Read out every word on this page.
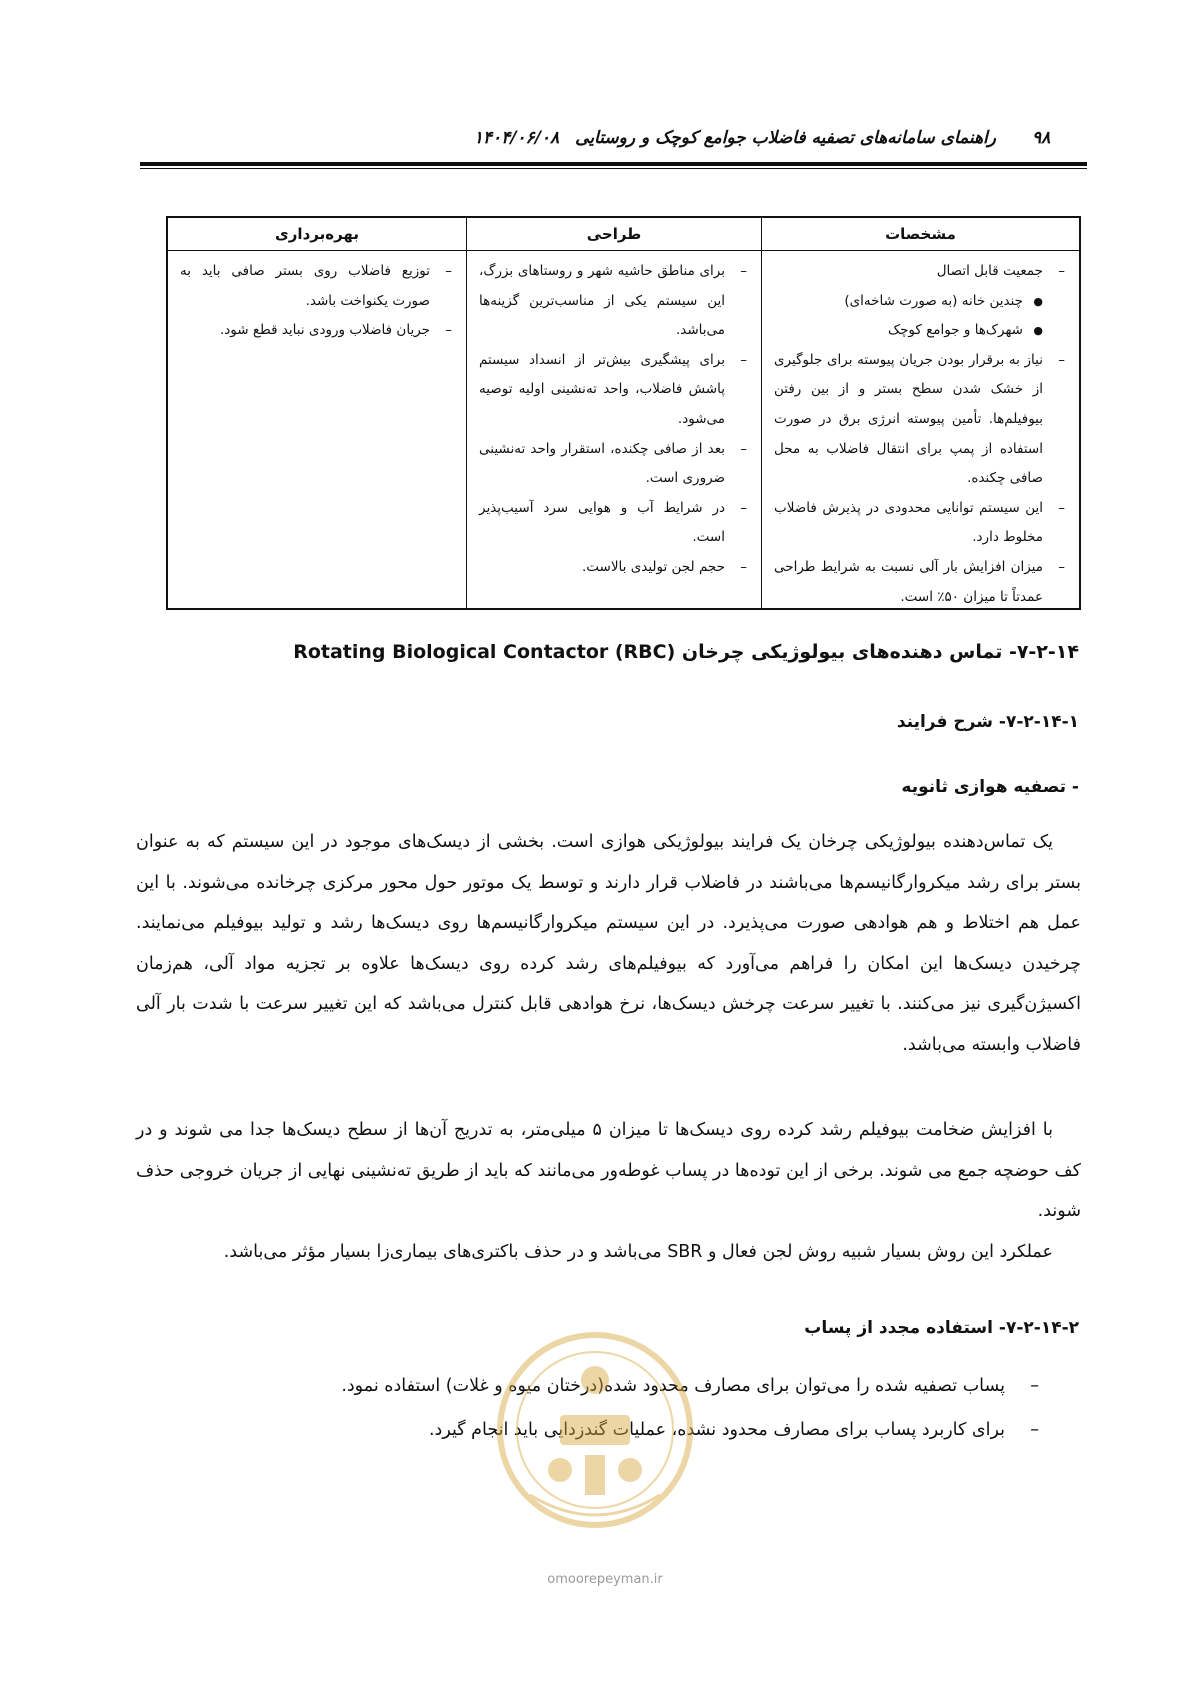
راهنمای سامانه‌های تصفیه فاضلاب جوامع کوچک و روستایی۱۴۰۴/۰۶/۰۸	۹۸
مشخصات
–
جمعیت قابل اتصال
●
چندین خانه (به صورت شاخه‌ای)
●
شهرک‌ها و جوامع کوچک
–
نیاز به برقرار بودن جریان پیوسته برای جلوگیری از خشک شدن سطح بستر و از بین رفتن بیوفیلم‌ها. تأمین پیوسته انرژی برق در صورت استفاده از پمپ برای انتقال فاضلاب به محل صافی چکنده.
–
این سیستم توانایی محدودی در پذیرش فاضلاب مخلوط دارد.
–
میزان افزایش بار آلی نسبت به شرایط طراحی عمدتاً تا میزان ۵۰٪ است.
طراحی
–
برای مناطق حاشیه شهر و روستاهای بزرگ، این سیستم یکی از مناسب‌ترین گزینه‌ها می‌باشد.
–
برای پیشگیری بیش‌تر از انسداد سیستم پاشش فاضلاب، واحد ته‌نشینی اولیه توصیه می‌شود.
–
بعد از صافی چکنده، استقرار واحد ته‌نشینی ضروری است.
–
در شرایط آب و هوایی سرد آسیب‌پذیر است.
–
حجم لجن تولیدی بالاست.
بهره‌برداری
–
توزیع فاضلاب روی بستر صافی باید به صورت یکنواخت باشد.
–
جریان فاضلاب ورودی نباید قطع شود.
۷-۲-۱۴- تماس دهنده‌های بیولوژیکی چرخان Rotating Biological Contactor (RBC)
۷-۲-۱۴-۱- شرح فرایند
- تصفیه هوازی ثانویه

یک تماس‌دهنده بیولوژیکی چرخان یک فرایند بیولوژیکی هوازی است. بخشی از دیسک‌های موجود در این سیستم که به عنوان بستر برای رشد میکروارگانیسم‌ها می‌باشند در فاضلاب قرار دارند و توسط یک موتور حول محور مرکزی چرخانده می‌شوند. با این عمل هم اختلاط و هم هوادهی صورت می‌پذیرد. در این سیستم میکروارگانیسم‌ها روی دیسک‌ها رشد و تولید بیوفیلم می‌نمایند. چرخیدن دیسک‌ها این امکان را فراهم می‌آورد که بیوفیلم‌های رشد کرده روی دیسک‌ها علاوه بر تجزیه مواد آلی، هم‌زمان اکسیژن‌گیری نیز می‌کنند. با تغییر سرعت چرخش دیسک‌ها، نرخ هوادهی قابل کنترل می‌باشد که این تغییر سرعت با شدت بار آلی فاضلاب وابسته می‌باشد.

با افزایش ضخامت بیوفیلم رشد کرده روی دیسک‌ها تا میزان ۵ میلی‌متر، به تدریج آن‌ها از سطح دیسک‌ها جدا می شوند و در کف حوضچه جمع می شوند. برخی از این توده‌ها در پساب غوطه‌ور می‌مانند که باید از طریق ته‌نشینی نهایی از جریان خروجی حذف شوند.

عملکرد این روش بسیار شبیه روش لجن فعال و SBR می‌باشد و در حذف باکتری‌های بیماری‌زا بسیار مؤثر می‌باشد.

۷-۲-۱۴-۲- استفاده مجدد از پساب
–
پساب تصفیه شده را می‌توان برای مصارف محدود شده(درختان میوه و غلات) استفاده نمود.
–
برای کاربرد پساب برای مصارف محدود نشده، عملیات گندزدایی باید انجام گیرد.
omoorepeyman.ir
